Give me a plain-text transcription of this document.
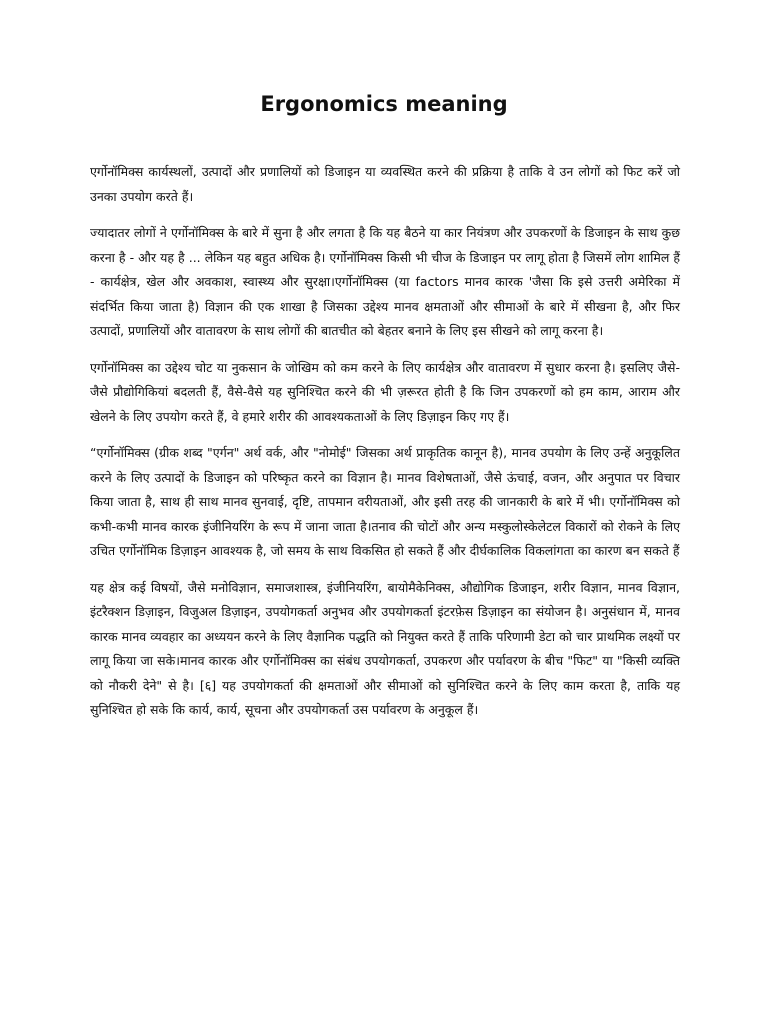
Ergonomics meaning

एर्गोनॉमिक्स कार्यस्थलों, उत्पादों और प्रणालियों को डिजाइन या व्यवस्थित करने की प्रक्रिया है ताकि वे उन लोगों को फिट करें जो उनका उपयोग करते हैं।

ज्यादातर लोगों ने एर्गोनॉमिक्स के बारे में सुना है और लगता है कि यह बैठने या कार नियंत्रण और उपकरणों के डिजाइन के साथ कुछ करना है - और यह है ... लेकिन यह बहुत अधिक है। एर्गोनॉमिक्स किसी भी चीज के डिजाइन पर लागू होता है जिसमें लोग शामिल हैं - कार्यक्षेत्र, खेल और अवकाश, स्वास्थ्य और सुरक्षा।एर्गोनॉमिक्स (या factors मानव कारक 'जैसा कि इसे उत्तरी अमेरिका में संदर्भित किया जाता है) विज्ञान की एक शाखा है जिसका उद्देश्य मानव क्षमताओं और सीमाओं के बारे में सीखना है, और फिर उत्पादों, प्रणालियों और वातावरण के साथ लोगों की बातचीत को बेहतर बनाने के लिए इस सीखने को लागू करना है।

एर्गोनॉमिक्स का उद्देश्य चोट या नुकसान के जोखिम को कम करने के लिए कार्यक्षेत्र और वातावरण में सुधार करना है। इसलिए जैसे-जैसे प्रौद्योगिकियां बदलती हैं, वैसे-वैसे यह सुनिश्चित करने की भी ज़रूरत होती है कि जिन उपकरणों को हम काम, आराम और खेलने के लिए उपयोग करते हैं, वे हमारे शरीर की आवश्यकताओं के लिए डिज़ाइन किए गए हैं।

“एर्गोनॉमिक्स (ग्रीक शब्द "एर्गन" अर्थ वर्क, और "नोमोई" जिसका अर्थ प्राकृतिक कानून है), मानव उपयोग के लिए उन्हें अनुकूलित करने के लिए उत्पादों के डिजाइन को परिष्कृत करने का विज्ञान है। मानव विशेषताओं, जैसे ऊंचाई, वजन, और अनुपात पर विचार किया जाता है, साथ ही साथ मानव सुनवाई, दृष्टि, तापमान वरीयताओं, और इसी तरह की जानकारी के बारे में भी। एर्गोनॉमिक्स को कभी-कभी मानव कारक इंजीनियरिंग के रूप में जाना जाता है।तनाव की चोटों और अन्य मस्कुलोस्केलेटल विकारों को रोकने के लिए उचित एर्गोनॉमिक डिज़ाइन आवश्यक है, जो समय के साथ विकसित हो सकते हैं और दीर्घकालिक विकलांगता का कारण बन सकते हैं

यह क्षेत्र कई विषयों, जैसे मनोविज्ञान, समाजशास्त्र, इंजीनियरिंग, बायोमैकेनिक्स, औद्योगिक डिजाइन, शरीर विज्ञान, मानव विज्ञान, इंटरैक्शन डिज़ाइन, विजुअल डिज़ाइन, उपयोगकर्ता अनुभव और उपयोगकर्ता इंटरफ़ेस डिज़ाइन का संयोजन है। अनुसंधान में, मानव कारक मानव व्यवहार का अध्ययन करने के लिए वैज्ञानिक पद्धति को नियुक्त करते हैं ताकि परिणामी डेटा को चार प्राथमिक लक्ष्यों पर लागू किया जा सके।मानव कारक और एर्गोनॉमिक्स का संबंध उपयोगकर्ता, उपकरण और पर्यावरण के बीच "फिट" या "किसी व्यक्ति को नौकरी देने" से है। [६] यह उपयोगकर्ता की क्षमताओं और सीमाओं को सुनिश्चित करने के लिए काम करता है, ताकि यह सुनिश्चित हो सके कि कार्य, कार्य, सूचना और उपयोगकर्ता उस पर्यावरण के अनुकूल हैं।
